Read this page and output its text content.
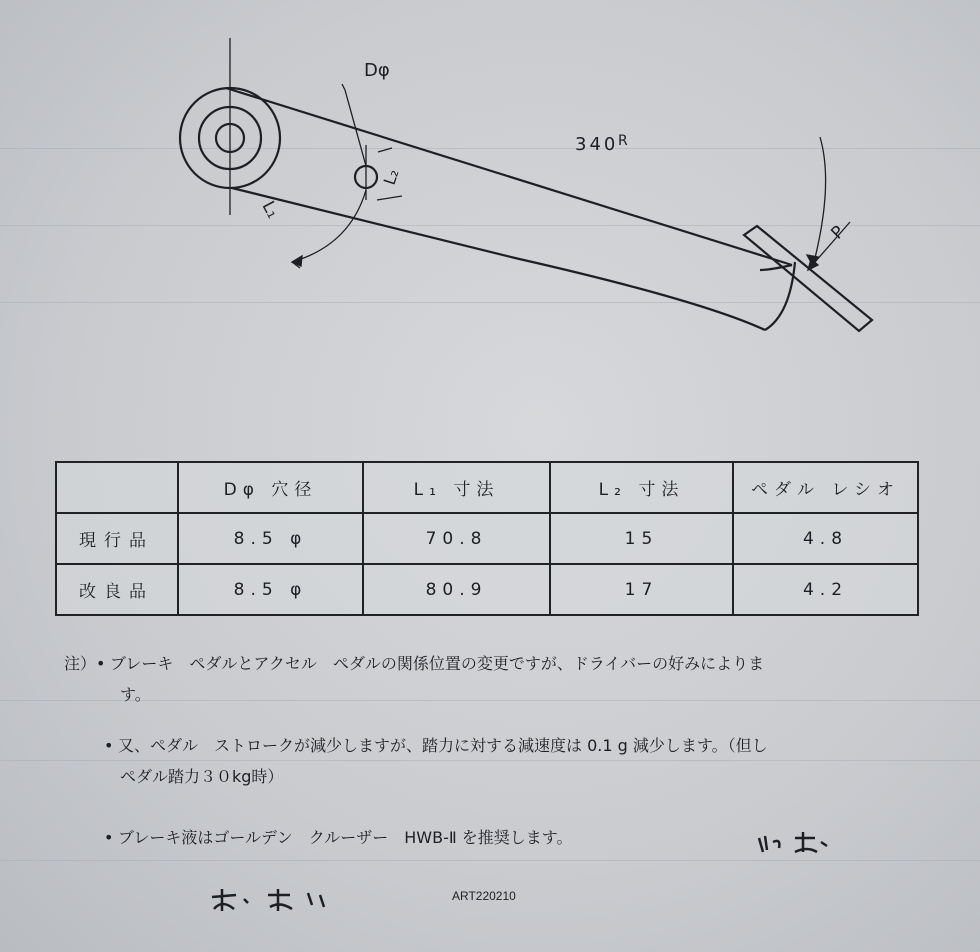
Dφ
340 R
L₁
L₂
P
	Dφ 穴径	L₁ 寸法	L₂ 寸法	ペダル レシオ
現行品	8.5 φ	70.8	15	4.8
改良品	8.5 φ	80.9	17	4.2
注）• ブレーキ　ペダルとアクセル　ペダルの関係位置の変更ですが、ドライバーの好みによりま
す。
• 又、ペダル　ストロークが減少しますが、踏力に対する減速度は 0.1 g 減少します。（但し
ペダル踏力３０kg時）
• ブレーキ液はゴールデン　クルーザー　HWB-Ⅱ を推奨します。
ART220210
